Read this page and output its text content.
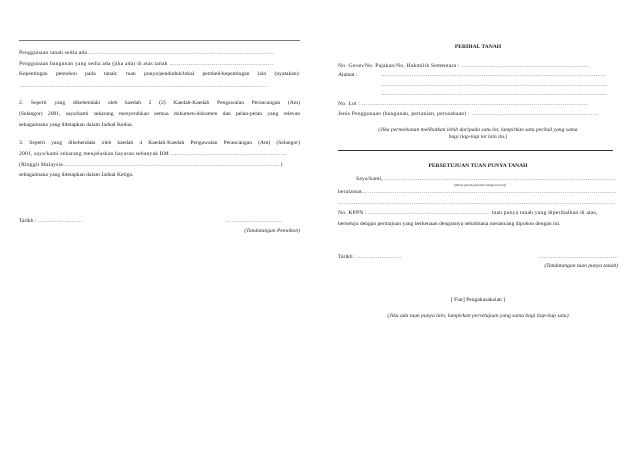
Penggunaan tanah sedia ada ……………………………………………………………………………………
Penggunaan bangunan yang sedia ada (jika ada) di atas tanah ………………………………………………
Kepentingan pemohon pada tanah; tuan punya/penduduk/lokal pembeli/kepentingan lain (nyatakan):
…………………………………………………………………………………………………………………
2. Seperti yang dikehendaki oleh kaedah 2 (2) Kaedah-Kaedah Pengawalan Perancangan (Am)
(Selangor) 2001, saya/kami sekarang menyerahkan semua dokumen-dokumen dan pelan-pelan yang relevan
sebagaimana yang ditetapkan dalam Jadual Kedua.
3. Seperti yang dikehendaki oleh kaedah 4 Kaedah-Kaedah Pengawalan Perancangan (Am) (Selangor)
2001, saya/kami sekarang menjelaskan bayaran sebanyak RM ……………………………………………………
(Ringgit Malaysia ………………………………………………………………………………………………… )
sebagaimana yang ditetapkan dalam Jadual Ketiga.
Tarikh : ……………………	…………………………
(Tandatangan Pemohon)
PERIHAL TANAH
No. Geran/No. Pajakan/No. Hakmilik Sementara : …………………………………………………………
Alamat :	………………………………………………………………………………………………………
………………………………………………………………………………………………………
………………………………………………………………………………………………………
No. Lot : ………………………………………………………………………………………………………
Jenis Penggunaan (bangunan, pertanian, perusahaan) : …………………………………………………………
(Jika permohonan melibatkan lebih daripada satu lot, lampirkan satu perihal yang sama
bagi tiap-tiap lot lain itu.)
PERSETUJUAN TUAN PUNYA TANAH
Saya/kami, …………………………………………………………………………………………………………
(Nama penuh pemohon dengan huruf)
beralamat……………………………………………………………………………………………………………………
………………………………………………………………………………………………………………………………
No. KPPN : ……………………………………………………… tuan punya tanah yang diperihalkan di atas,
bersetuju dengan permajuan yang berkenaan dengannya sebaimana merancang dipohon dengan ini.
Tarikh : ……………………	……………………………………
(Tandatangan tuan punya tanah)
[ Fiat] Pengakusaksian ]
(Jika ada tuan punya lain, lampirkan persetujuan yang sama bagi tiap-tiap satu)
